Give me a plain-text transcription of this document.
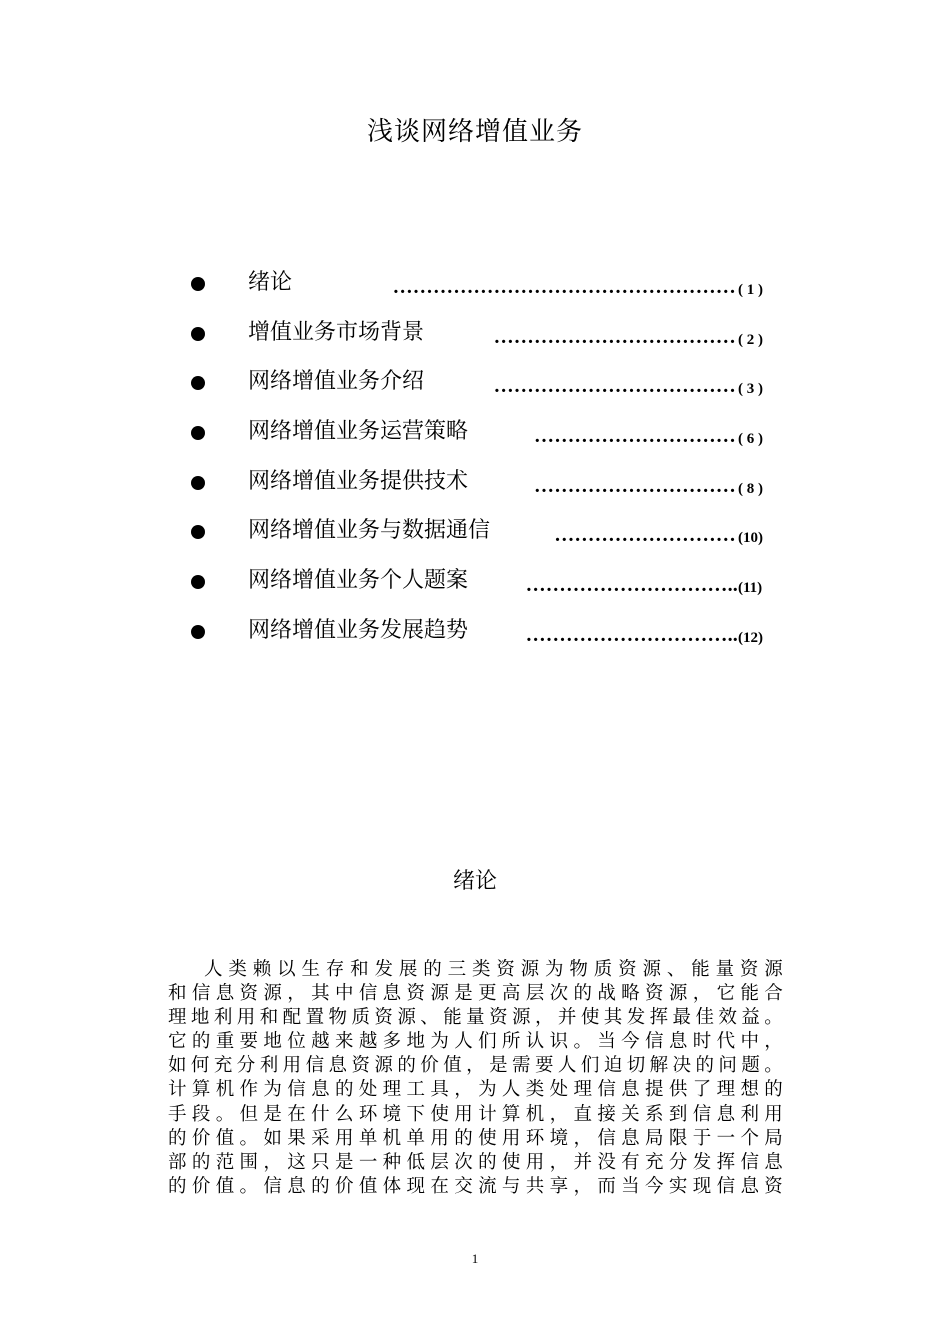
浅谈网络增值业务
绪论	…………………………………………… ( 1 )
增值业务市场背景	……………………………… ( 2 )
网络增值业务介绍	……………………………… ( 3 )
网络增值业务运营策略	………………………… ( 6 )
网络增值业务提供技术	………………………… ( 8 )
网络增值业务与数据通信	……………………… (10)
网络增值业务个人题案	………………………….. (11)
网络增值业务发展趋势	………………………….. (12)
绪论
人类赖以生存和发展的三类资源为物质资源、能量资源
和信息资源，其中信息资源是更高层次的战略资源，它能合
理地利用和配置物质资源、能量资源，并使其发挥最佳效益。
它的重要地位越来越多地为人们所认识。当今信息时代中，
如何充分利用信息资源的价值，是需要人们迫切解决的问题。
计算机作为信息的处理工具，为人类处理信息提供了理想的
手段。但是在什么环境下使用计算机，直接关系到信息利用
的价值。如果采用单机单用的使用环境，信息局限于一个局
部的范围，这只是一种低层次的使用，并没有充分发挥信息
的价值。信息的价值体现在交流与共享，而当今实现信息资
1
